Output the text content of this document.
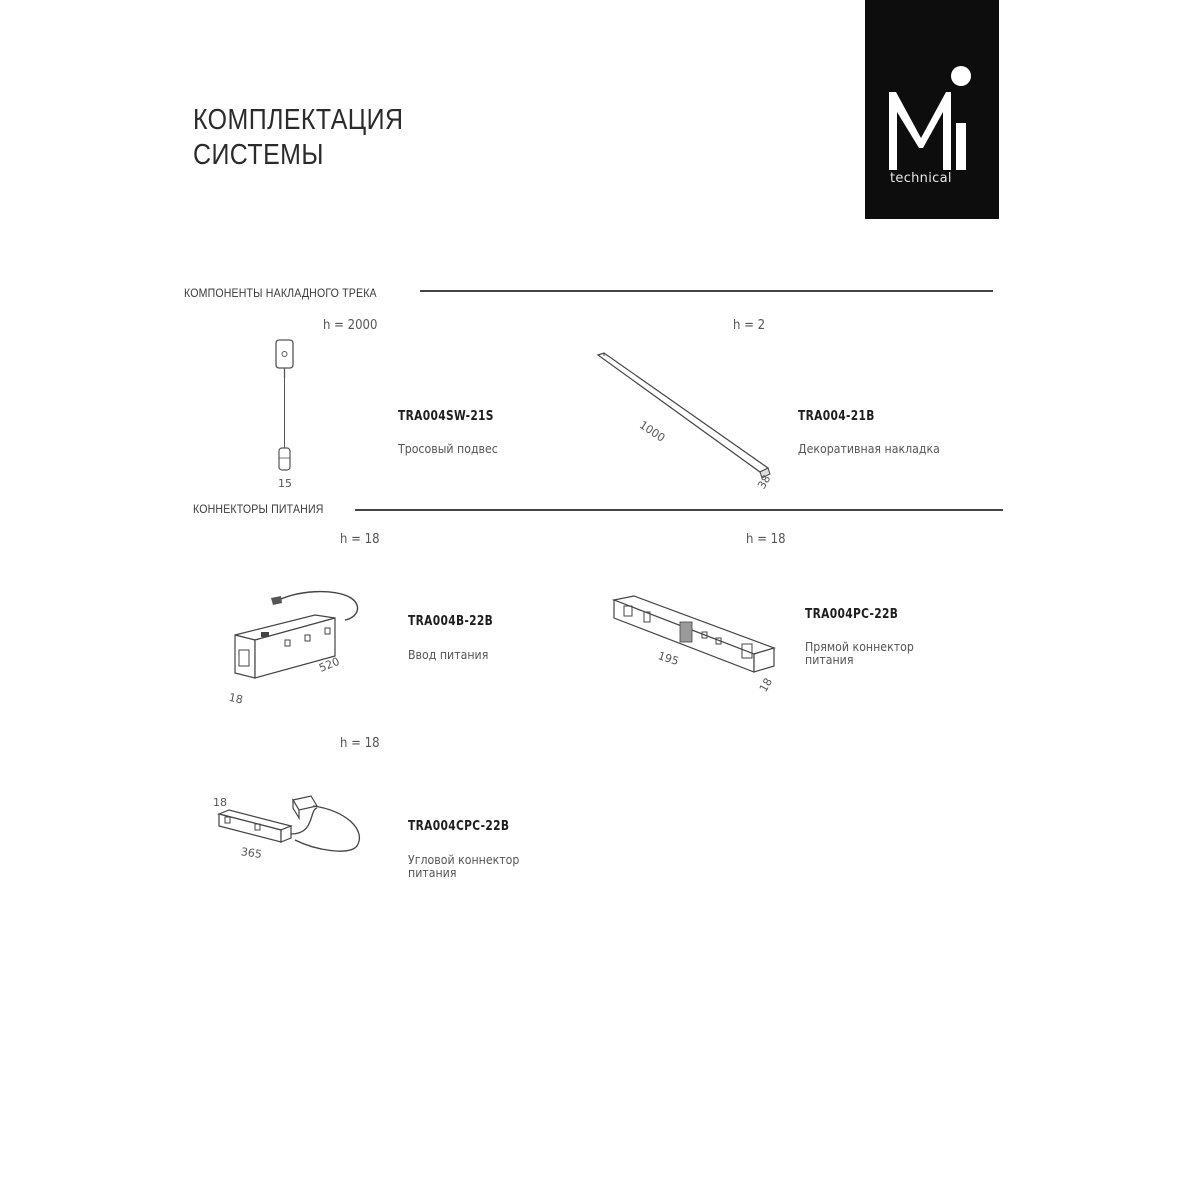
КОМПЛЕКТАЦИЯ
СИСТЕМЫ
technical
КОМПОНЕНТЫ НАКЛАДНОГО ТРЕКА
h = 2000
15
TRA004SW-21S
Тросовый подвес
h = 2
1000
38
TRA004-21B
Декоративная накладка
КОННЕКТОРЫ ПИТАНИЯ
h = 18
520
18
TRA004B-22B
Ввод питания
h = 18
195
18
TRA004PC-22B
Прямой коннектор
питания
h = 18
18
365
TRA004CPC-22B
Угловой коннектор
питания
